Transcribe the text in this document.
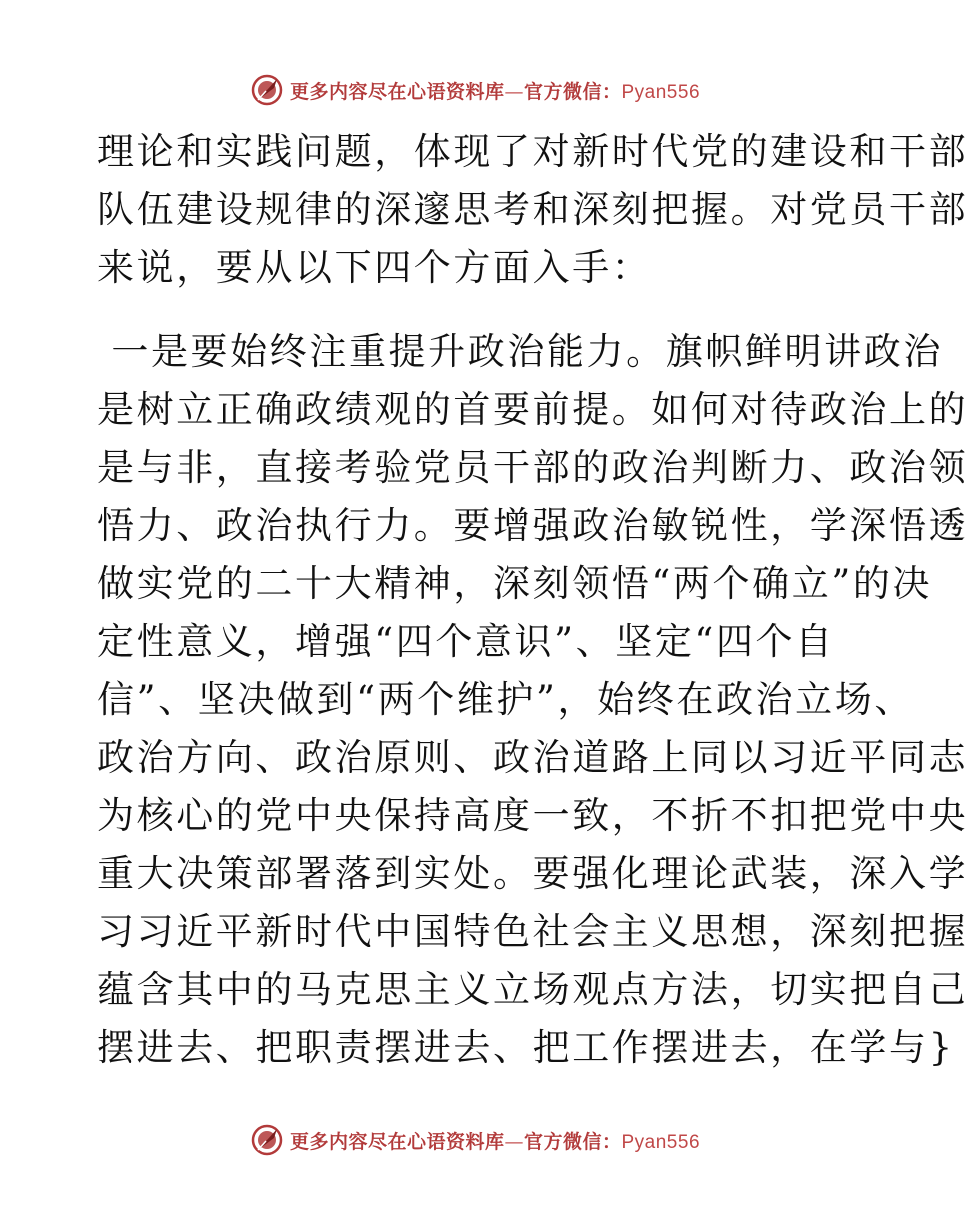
更多内容尽在心语资料库—官方微信：Pyan556
理论和实践问题，体现了对新时代党的建设和干部
队伍建设规律的深邃思考和深刻把握。对党员干部
来说，要从以下四个方面入手：
一是要始终注重提升政治能力。旗帜鲜明讲政治
是树立正确政绩观的首要前提。如何对待政治上的
是与非，直接考验党员干部的政治判断力、政治领
悟力、政治执行力。要增强政治敏锐性，学深悟透
做实党的二十大精神，深刻领悟“两个确立”的决
定性意义，增强“四个意识”、坚定“四个自
信”、坚决做到“两个维护”，始终在政治立场、
政治方向、政治原则、政治道路上同以习近平同志
为核心的党中央保持高度一致，不折不扣把党中央
重大决策部署落到实处。要强化理论武装，深入学
习习近平新时代中国特色社会主义思想，深刻把握
蕴含其中的马克思主义立场观点方法，切实把自己
摆进去、把职责摆进去、把工作摆进去，在学与}
更多内容尽在心语资料库—官方微信：Pyan556
